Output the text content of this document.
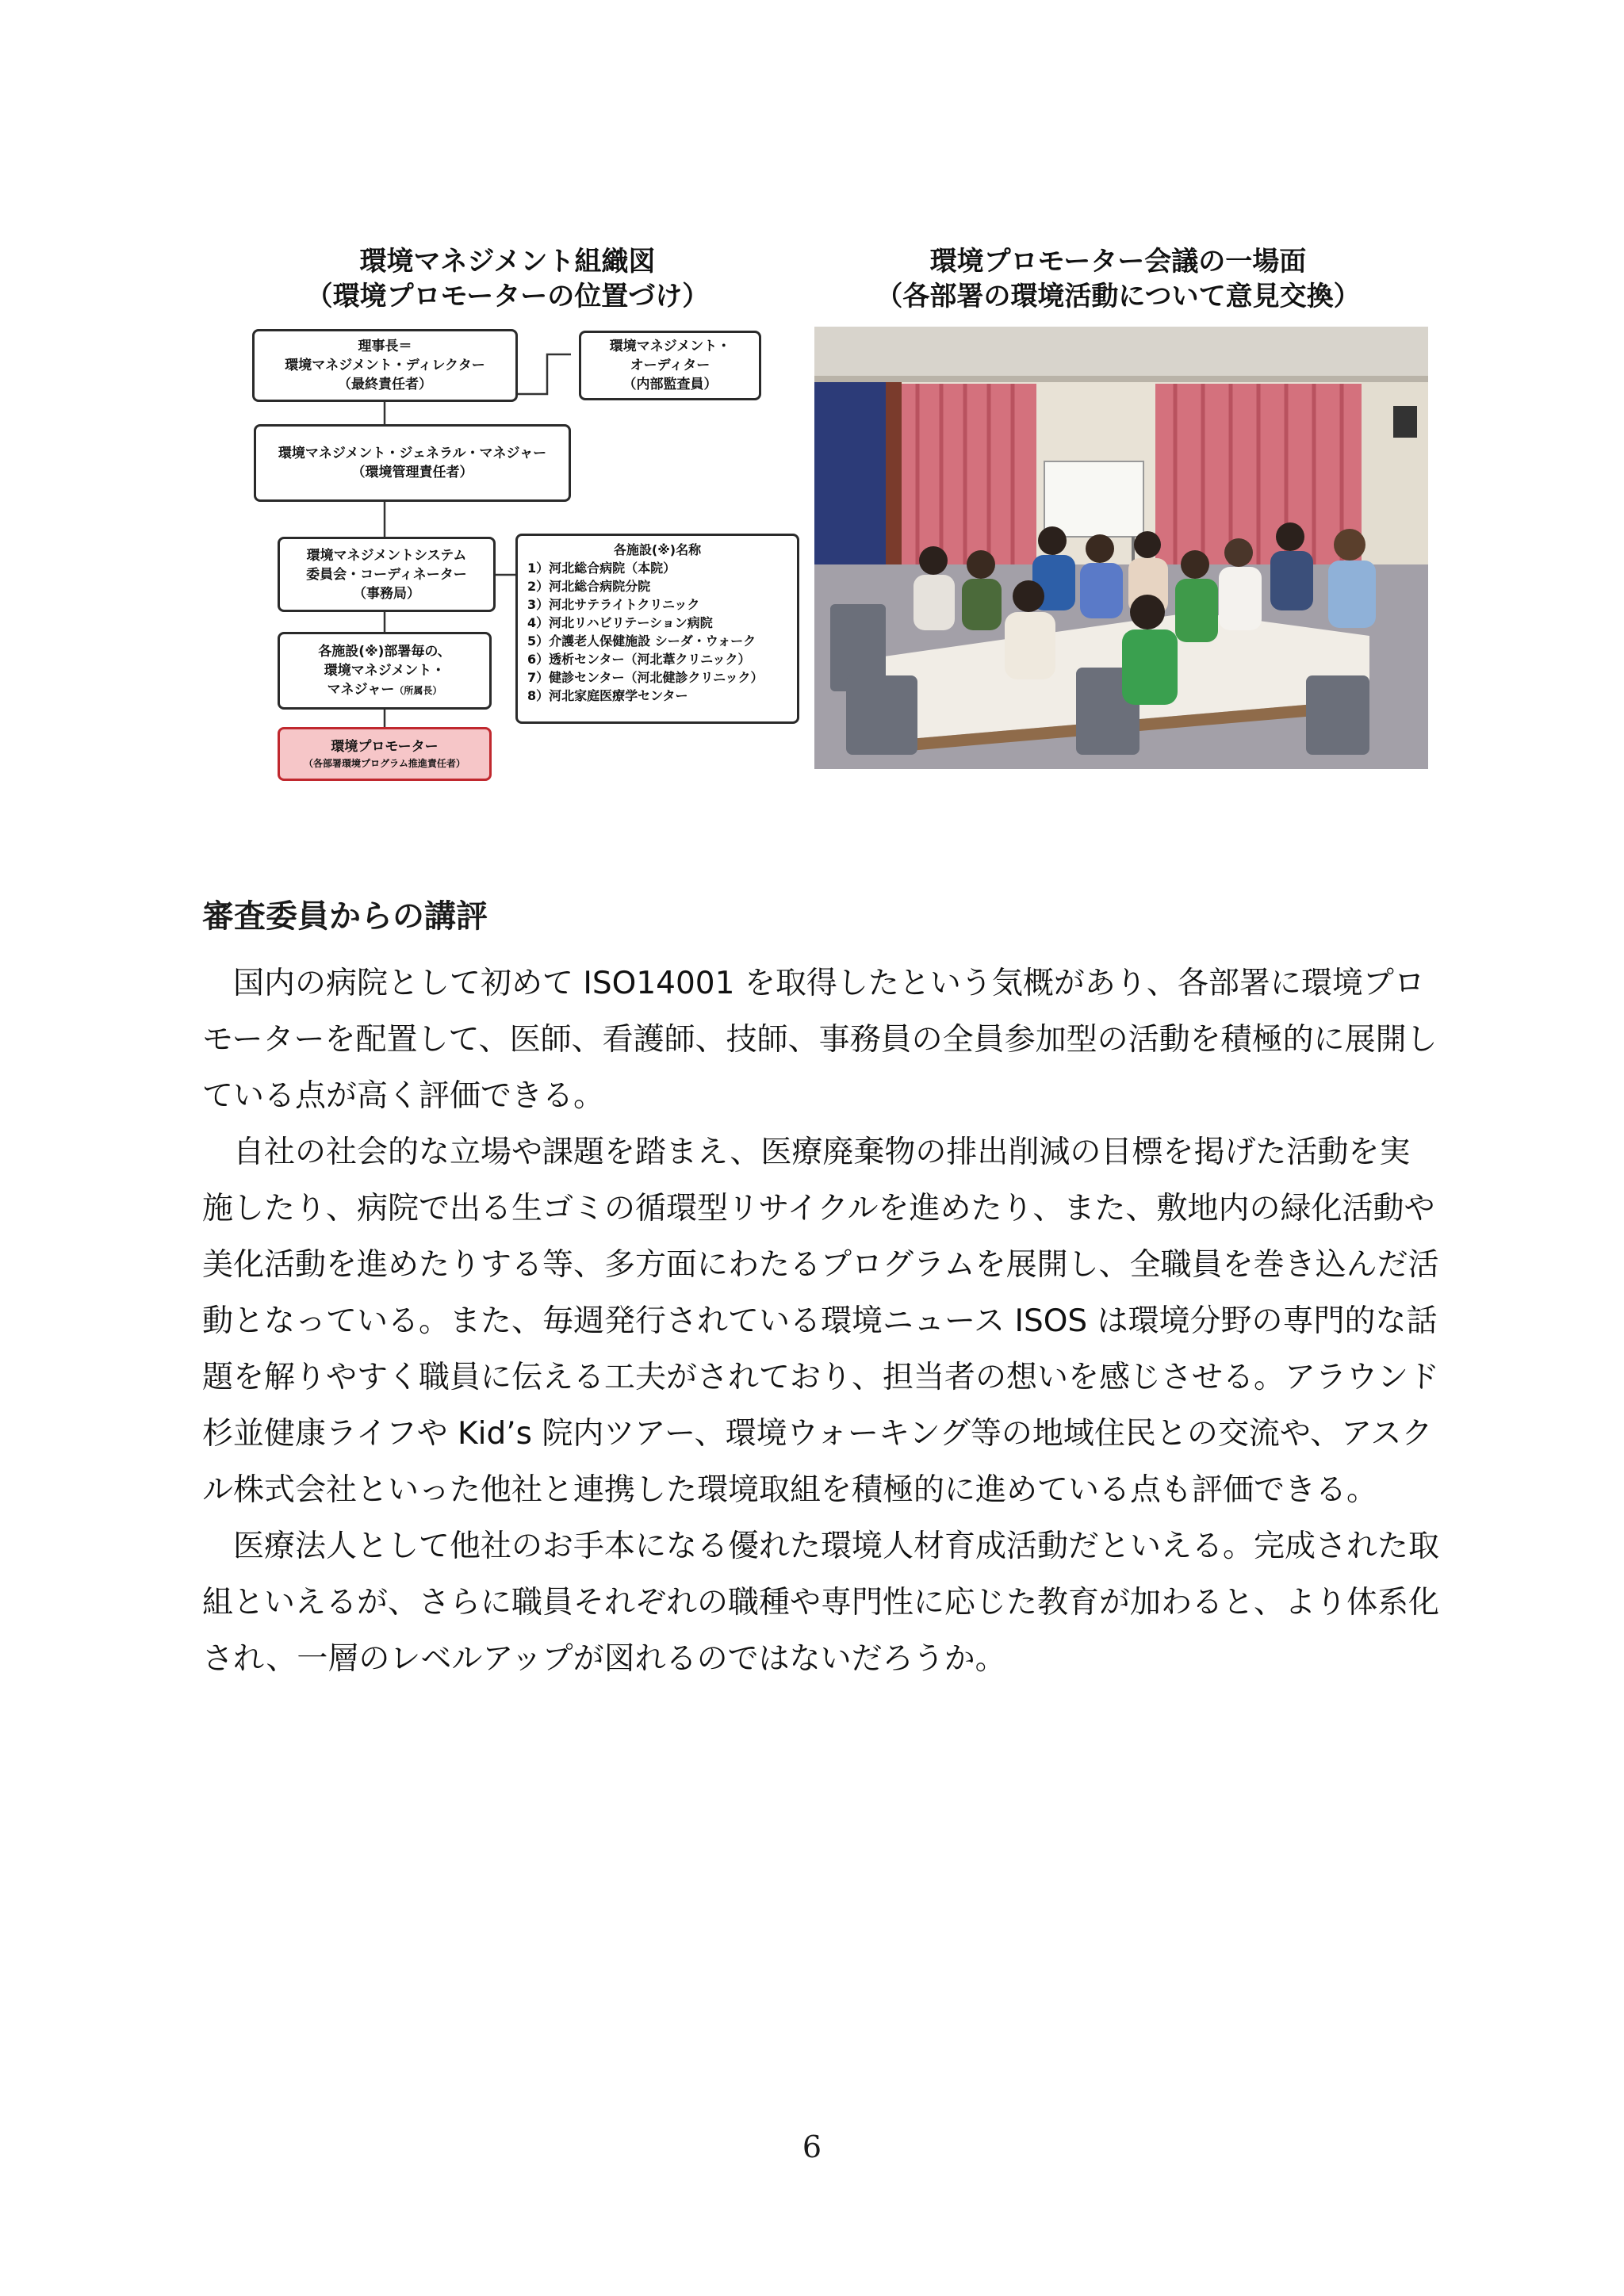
環境マネジメント組織図
（環境プロモーターの位置づけ）
環境プロモーター会議の一場面
（各部署の環境活動について意見交換）
理事長＝
環境マネジメント・ディレクター
（最終責任者）
環境マネジメント・
オーディター
（内部監査員）
環境マネジメント・ジェネラル・マネジャー
（環境管理責任者）
環境マネジメントシステム
委員会・コーディネーター
（事務局）
各施設(※)部署毎の、
環境マネジメント・
マネジャー（所属長）
環境プロモーター
（各部署環境プログラム推進責任者）
各施設(※)名称
1）河北総合病院（本院）
2）河北総合病院分院
3）河北サテライトクリニック
4）河北リハビリテーション病院
5）介護老人保健施設 シーダ・ウォーク
6）透析センター（河北葦クリニック）
7）健診センター（河北健診クリニック）
8）河北家庭医療学センター
審査委員からの講評

国内の病院として初めて ISO14001 を取得したという気概があり、各部署に環境プロモーターを配置して、医師、看護師、技師、事務員の全員参加型の活動を積極的に展開している点が高く評価できる。

自社の社会的な立場や課題を踏まえ、医療廃棄物の排出削減の目標を掲げた活動を実施したり、病院で出る生ゴミの循環型リサイクルを進めたり、また、敷地内の緑化活動や美化活動を進めたりする等、多方面にわたるプログラムを展開し、全職員を巻き込んだ活動となっている。また、毎週発行されている環境ニュース ISOS は環境分野の専門的な話題を解りやすく職員に伝える工夫がされており、担当者の想いを感じさせる。アラウンド杉並健康ライフや Kid’s 院内ツアー、環境ウォーキング等の地域住民との交流や、アスクル株式会社といった他社と連携した環境取組を積極的に進めている点も評価できる。

医療法人として他社のお手本になる優れた環境人材育成活動だといえる。完成された取組といえるが、さらに職員それぞれの職種や専門性に応じた教育が加わると、より体系化され、一層のレベルアップが図れるのではないだろうか。

6
